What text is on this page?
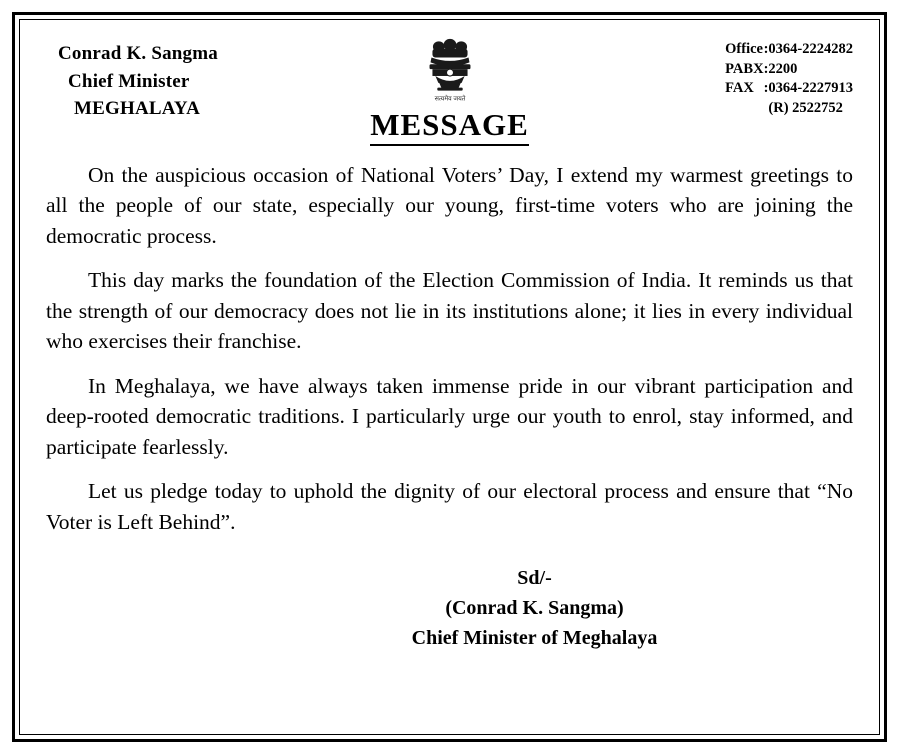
Conrad K. Sangma
Chief Minister
MEGHALAYA	सत्यमेव जयते
Office	:	0364-2224282
PABX	:	2200
FAX	:	0364-2227913
		(R) 2522752
MESSAGE

On the auspicious occasion of National Voters’ Day, I extend my warmest greetings to all the people of our state, especially our young, first-time voters who are joining the democratic process.

This day marks the foundation of the Election Commission of India. It reminds us that the strength of our democracy does not lie in its institutions alone; it lies in every individual who exercises their franchise.

In Meghalaya, we have always taken immense pride in our vibrant participation and deep-rooted democratic traditions. I particularly urge our youth to enrol, stay informed, and participate fearlessly.

Let us pledge today to uphold the dignity of our electoral process and ensure that “No Voter is Left Behind”.

Sd/-
(Conrad K. Sangma)
Chief Minister of Meghalaya
